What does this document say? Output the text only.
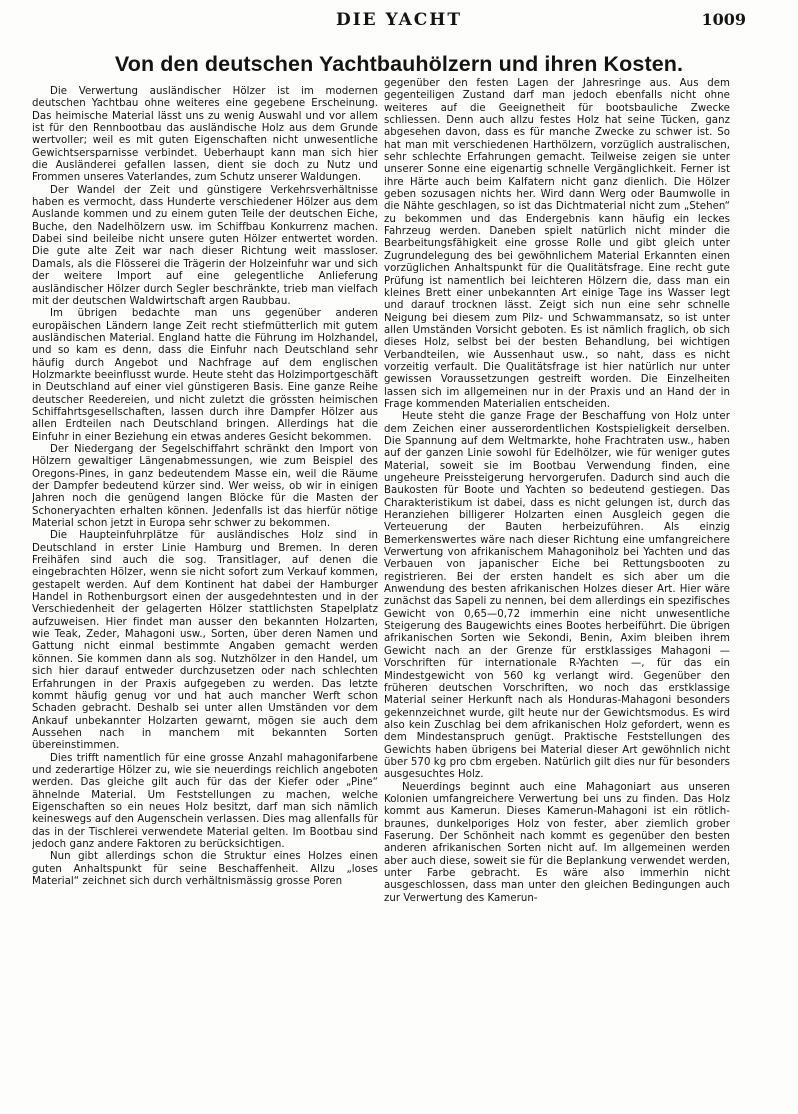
DIE YACHT	1009
Von den deutschen Yachtbauhölzern und ihren Kosten.

Die Verwertung ausländischer Hölzer ist im modernen deutschen Yachtbau ohne weiteres eine gegebene Erscheinung. Das heimische Material lässt uns zu wenig Auswahl und vor allem ist für den Rennbootbau das ausländische Holz aus dem Grunde wertvoller; weil es mit guten Eigenschaften nicht unwesentliche Gewichtsersparnisse verbindet. Ueberhaupt kann man sich hier die Ausländerei gefallen lassen, dient sie doch zu Nutz und Frommen unseres Vaterlandes, zum Schutz unserer Waldungen.

Der Wandel der Zeit und günstigere Verkehrsverhältnisse haben es vermocht, dass Hunderte verschiedener Hölzer aus dem Auslande kommen und zu einem guten Teile der deutschen Eiche, Buche, den Nadelhölzern usw. im Schiffbau Konkurrenz machen. Dabei sind beileibe nicht unsere guten Hölzer entwertet worden. Die gute alte Zeit war nach dieser Richtung weit massloser. Damals, als die Flösserei die Trägerin der Holzeinfuhr war und sich der weitere Import auf eine gelegentliche Anlieferung ausländischer Hölzer durch Segler beschränkte, trieb man vielfach mit der deutschen Waldwirtschaft argen Raubbau.

Im übrigen bedachte man uns gegenüber anderen europäischen Ländern lange Zeit recht stiefmütterlich mit gutem ausländischen Material. England hatte die Führung im Holzhandel, und so kam es denn, dass die Einfuhr nach Deutschland sehr häufig durch Angebot und Nachfrage auf dem englischen Holzmarkte beeinflusst wurde. Heute steht das Holzimportgeschäft in Deutschland auf einer viel günstigeren Basis. Eine ganze Reihe deutscher Reedereien, und nicht zuletzt die grössten heimischen Schiffahrtsgesellschaften, lassen durch ihre Dampfer Hölzer aus allen Erdteilen nach Deutschland bringen. Allerdings hat die Einfuhr in einer Beziehung ein etwas anderes Gesicht bekommen.

Der Niedergang der Segelschiffahrt schränkt den Import von Hölzern gewaltiger Längenabmessungen, wie zum Beispiel des Oregons-Pines, in ganz bedeutendem Masse ein, weil die Räume der Dampfer bedeutend kürzer sind. Wer weiss, ob wir in einigen Jahren noch die genügend langen Blöcke für die Masten der Schoneryachten erhalten können. Jedenfalls ist das hierfür nötige Material schon jetzt in Europa sehr schwer zu bekommen.

Die Haupteinfuhrplätze für ausländisches Holz sind in Deutschland in erster Linie Hamburg und Bremen. In deren Freihäfen sind auch die sog. Transitlager, auf denen die eingebrachten Hölzer, wenn sie nicht sofort zum Verkauf kommen, gestapelt werden. Auf dem Kontinent hat dabei der Hamburger Handel in Rothenburgsort einen der ausgedehntesten und in der Verschiedenheit der gelagerten Hölzer stattlichsten Stapelplatz aufzuweisen. Hier findet man ausser den bekannten Holzarten, wie Teak, Zeder, Mahagoni usw., Sorten, über deren Namen und Gattung nicht einmal bestimmte Angaben gemacht werden können. Sie kommen dann als sog. Nutzhölzer in den Handel, um sich hier darauf entweder durchzusetzen oder nach schlechten Erfahrungen in der Praxis aufgegeben zu werden. Das letzte kommt häufig genug vor und hat auch mancher Werft schon Schaden gebracht. Deshalb sei unter allen Umständen vor dem Ankauf unbekannter Holzarten gewarnt, mögen sie auch dem Aussehen nach in manchem mit bekannten Sorten übereinstimmen.

Dies trifft namentlich für eine grosse Anzahl mahagonifarbene und zederartige Hölzer zu, wie sie neuerdings reichlich angeboten werden. Das gleiche gilt auch für das der Kiefer oder „Pine“ ähnelnde Material. Um Feststellungen zu machen, welche Eigenschaften so ein neues Holz besitzt, darf man sich nämlich keineswegs auf den Augenschein verlassen. Dies mag allenfalls für das in der Tischlerei verwendete Material gelten. Im Bootbau sind jedoch ganz andere Faktoren zu berücksichtigen.

Nun gibt allerdings schon die Struktur eines Holzes einen guten Anhaltspunkt für seine Beschaffenheit. Allzu „loses Material“ zeichnet sich durch verhältnismässig grosse Poren

gegenüber den festen Lagen der Jahresringe aus. Aus dem gegenteiligen Zustand darf man jedoch ebenfalls nicht ohne weiteres auf die Geeignetheit für bootsbauliche Zwecke schliessen. Denn auch allzu festes Holz hat seine Tücken, ganz abgesehen davon, dass es für manche Zwecke zu schwer ist. So hat man mit verschiedenen Harthölzern, vorzüglich australischen, sehr schlechte Erfahrungen gemacht. Teilweise zeigen sie unter unserer Sonne eine eigenartig schnelle Vergänglichkeit. Ferner ist ihre Härte auch beim Kalfatern nicht ganz dienlich. Die Hölzer geben sozusagen nichts her. Wird dann Werg oder Baumwolle in die Nähte geschlagen, so ist das Dichtmaterial nicht zum „Stehen“ zu bekommen und das Endergebnis kann häufig ein leckes Fahrzeug werden. Daneben spielt natürlich nicht minder die Bearbeitungsfähigkeit eine grosse Rolle und gibt gleich unter Zugrundelegung des bei gewöhnlichem Material Erkannten einen vorzüglichen Anhaltspunkt für die Qualitätsfrage. Eine recht gute Prüfung ist namentlich bei leichteren Hölzern die, dass man ein kleines Brett einer unbekannten Art einige Tage ins Wasser legt und darauf trocknen lässt. Zeigt sich nun eine sehr schnelle Neigung bei diesem zum Pilz- und Schwammansatz, so ist unter allen Umständen Vorsicht geboten. Es ist nämlich fraglich, ob sich dieses Holz, selbst bei der besten Behandlung, bei wichtigen Verbandteilen, wie Aussenhaut usw., so naht, dass es nicht vorzeitig verfault. Die Qualitätsfrage ist hier natürlich nur unter gewissen Voraussetzungen gestreift worden. Die Einzelheiten lassen sich im allgemeinen nur in der Praxis und an Hand der in Frage kommenden Materialien entscheiden.

Heute steht die ganze Frage der Beschaffung von Holz unter dem Zeichen einer ausserordentlichen Kostspieligkeit derselben. Die Spannung auf dem Weltmarkte, hohe Frachtraten usw., haben auf der ganzen Linie sowohl für Edelhölzer, wie für weniger gutes Material, soweit sie im Bootbau Verwendung finden, eine ungeheure Preissteigerung hervorgerufen. Dadurch sind auch die Baukosten für Boote und Yachten so bedeutend gestiegen. Das Charakteristikum ist dabei, dass es nicht gelungen ist, durch das Heranziehen billigerer Holzarten einen Ausgleich gegen die Verteuerung der Bauten herbeizuführen. Als einzig Bemerkenswertes wäre nach dieser Richtung eine umfangreichere Verwertung von afrikanischem Mahagoniholz bei Yachten und das Verbauen von japanischer Eiche bei Rettungsbooten zu registrieren. Bei der ersten handelt es sich aber um die Anwendung des besten afrikanischen Holzes dieser Art. Hier wäre zunächst das Sapeli zu nennen, bei dem allerdings ein spezifisches Gewicht von 0,65—0,72 immerhin eine nicht unwesentliche Steigerung des Baugewichts eines Bootes herbeiführt. Die übrigen afrikanischen Sorten wie Sekondi, Benin, Axim bleiben ihrem Gewicht nach an der Grenze für erstklassiges Mahagoni — Vorschriften für internationale R-Yachten —, für das ein Mindestgewicht von 560 kg verlangt wird. Gegenüber den früheren deutschen Vorschriften, wo noch das erstklassige Material seiner Herkunft nach als Honduras-Mahagoni besonders gekennzeichnet wurde, gilt heute nur der Gewichtsmodus. Es wird also kein Zuschlag bei dem afrikanischen Holz gefordert, wenn es dem Mindestanspruch genügt. Praktische Feststellungen des Gewichts haben übrigens bei Material dieser Art gewöhnlich nicht über 570 kg pro cbm ergeben. Natürlich gilt dies nur für besonders ausgesuchtes Holz.

Neuerdings beginnt auch eine Mahagoniart aus unseren Kolonien umfangreichere Verwertung bei uns zu finden. Das Holz kommt aus Kamerun. Dieses Kamerun-Mahagoni ist ein rötlich-braunes, dunkelporiges Holz von fester, aber ziemlich grober Faserung. Der Schönheit nach kommt es gegenüber den besten anderen afrikanischen Sorten nicht auf. Im allgemeinen werden aber auch diese, soweit sie für die Beplankung verwendet werden, unter Farbe gebracht. Es wäre also immerhin nicht ausgeschlossen, dass man unter den gleichen Bedingungen auch zur Verwertung des Kamerun-
